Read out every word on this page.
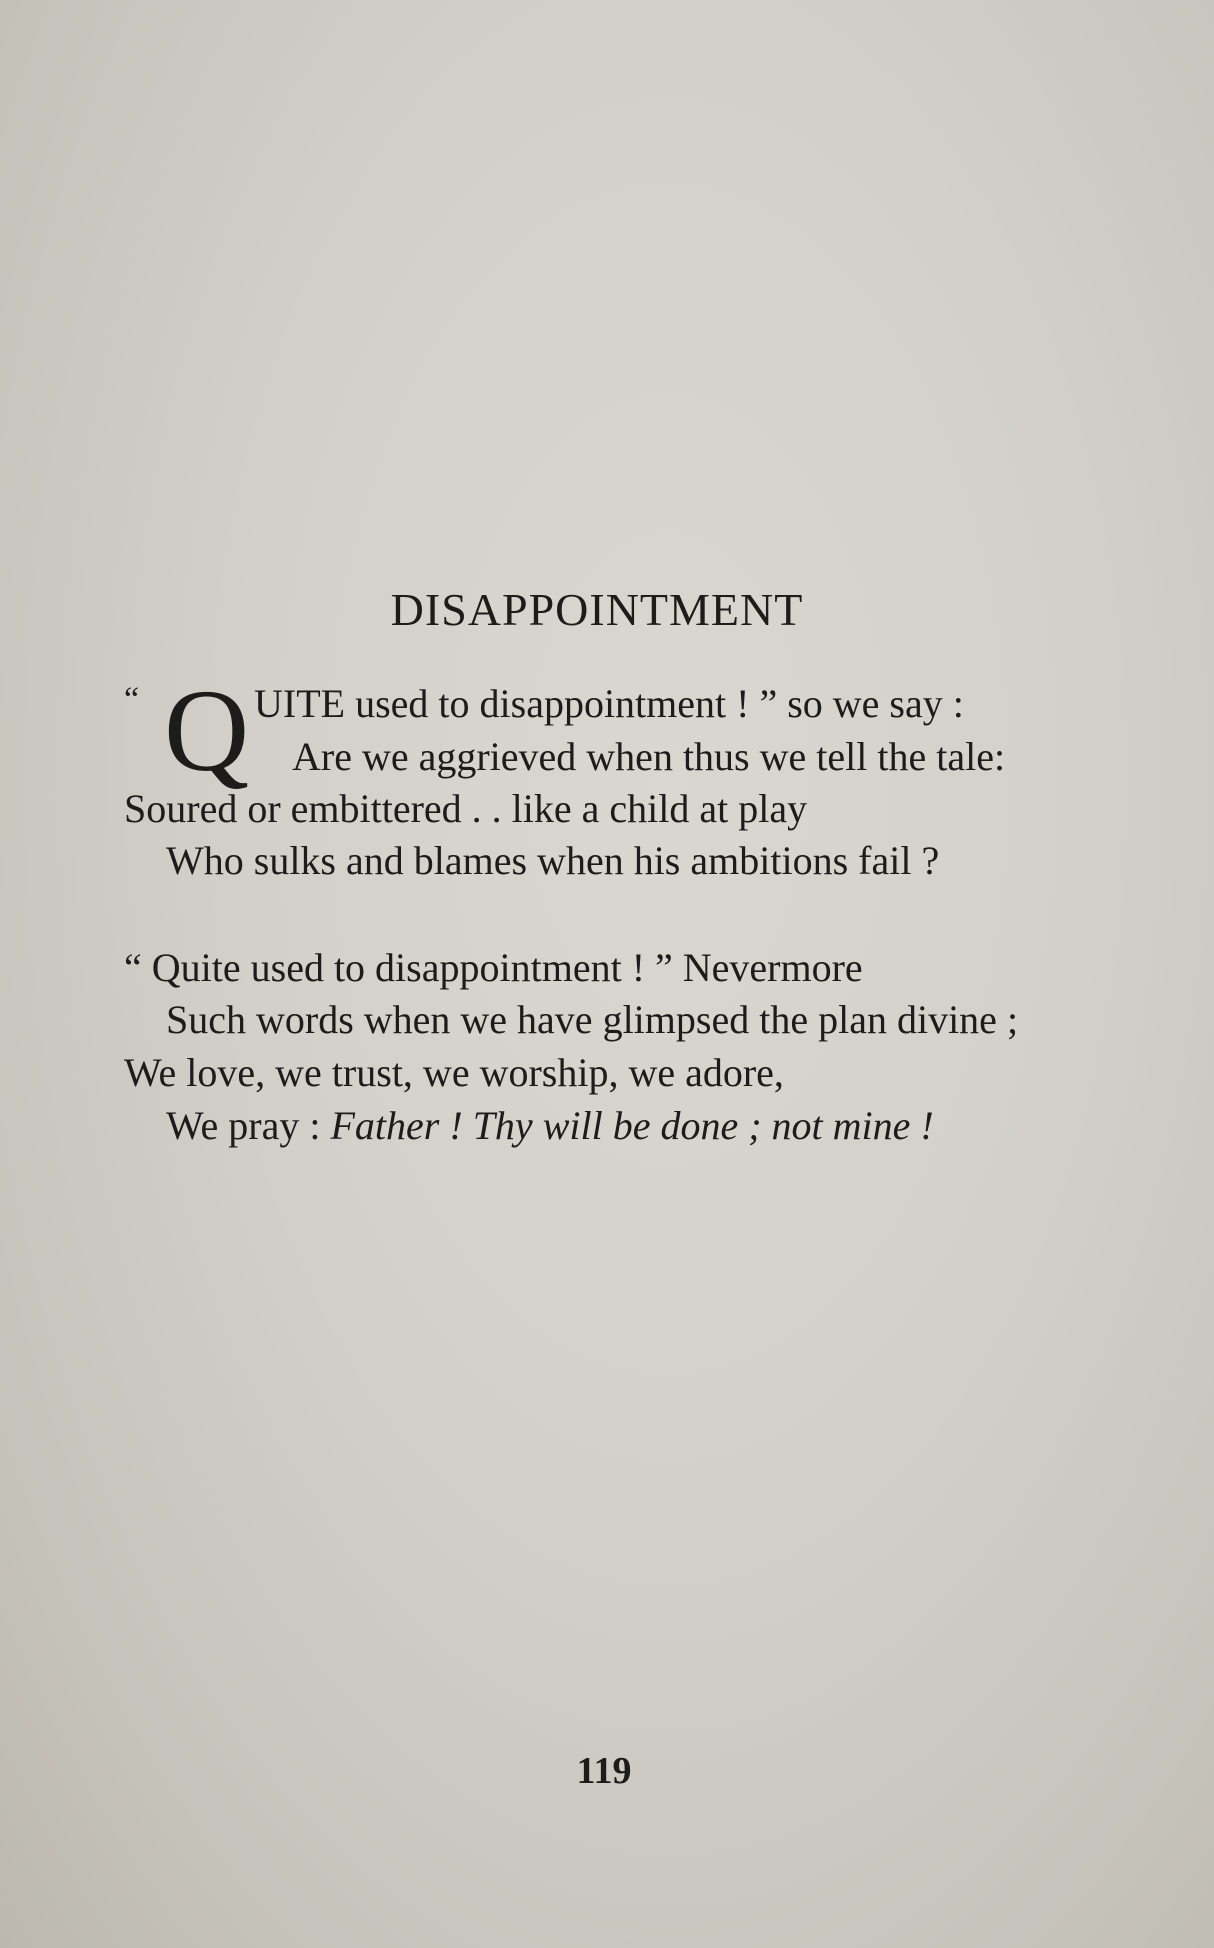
DISAPPOINTMENT
“ Q UITE used to disappointment ! ” so we say :
Are we aggrieved when thus we tell the tale:
Soured or embittered . . like a child at play
Who sulks and blames when his ambitions fail ?
“ Quite used to disappointment ! ” Nevermore
Such words when we have glimpsed the plan divine ;
We love, we trust, we worship, we adore,
We pray : Father ! Thy will be done ; not mine !
119
